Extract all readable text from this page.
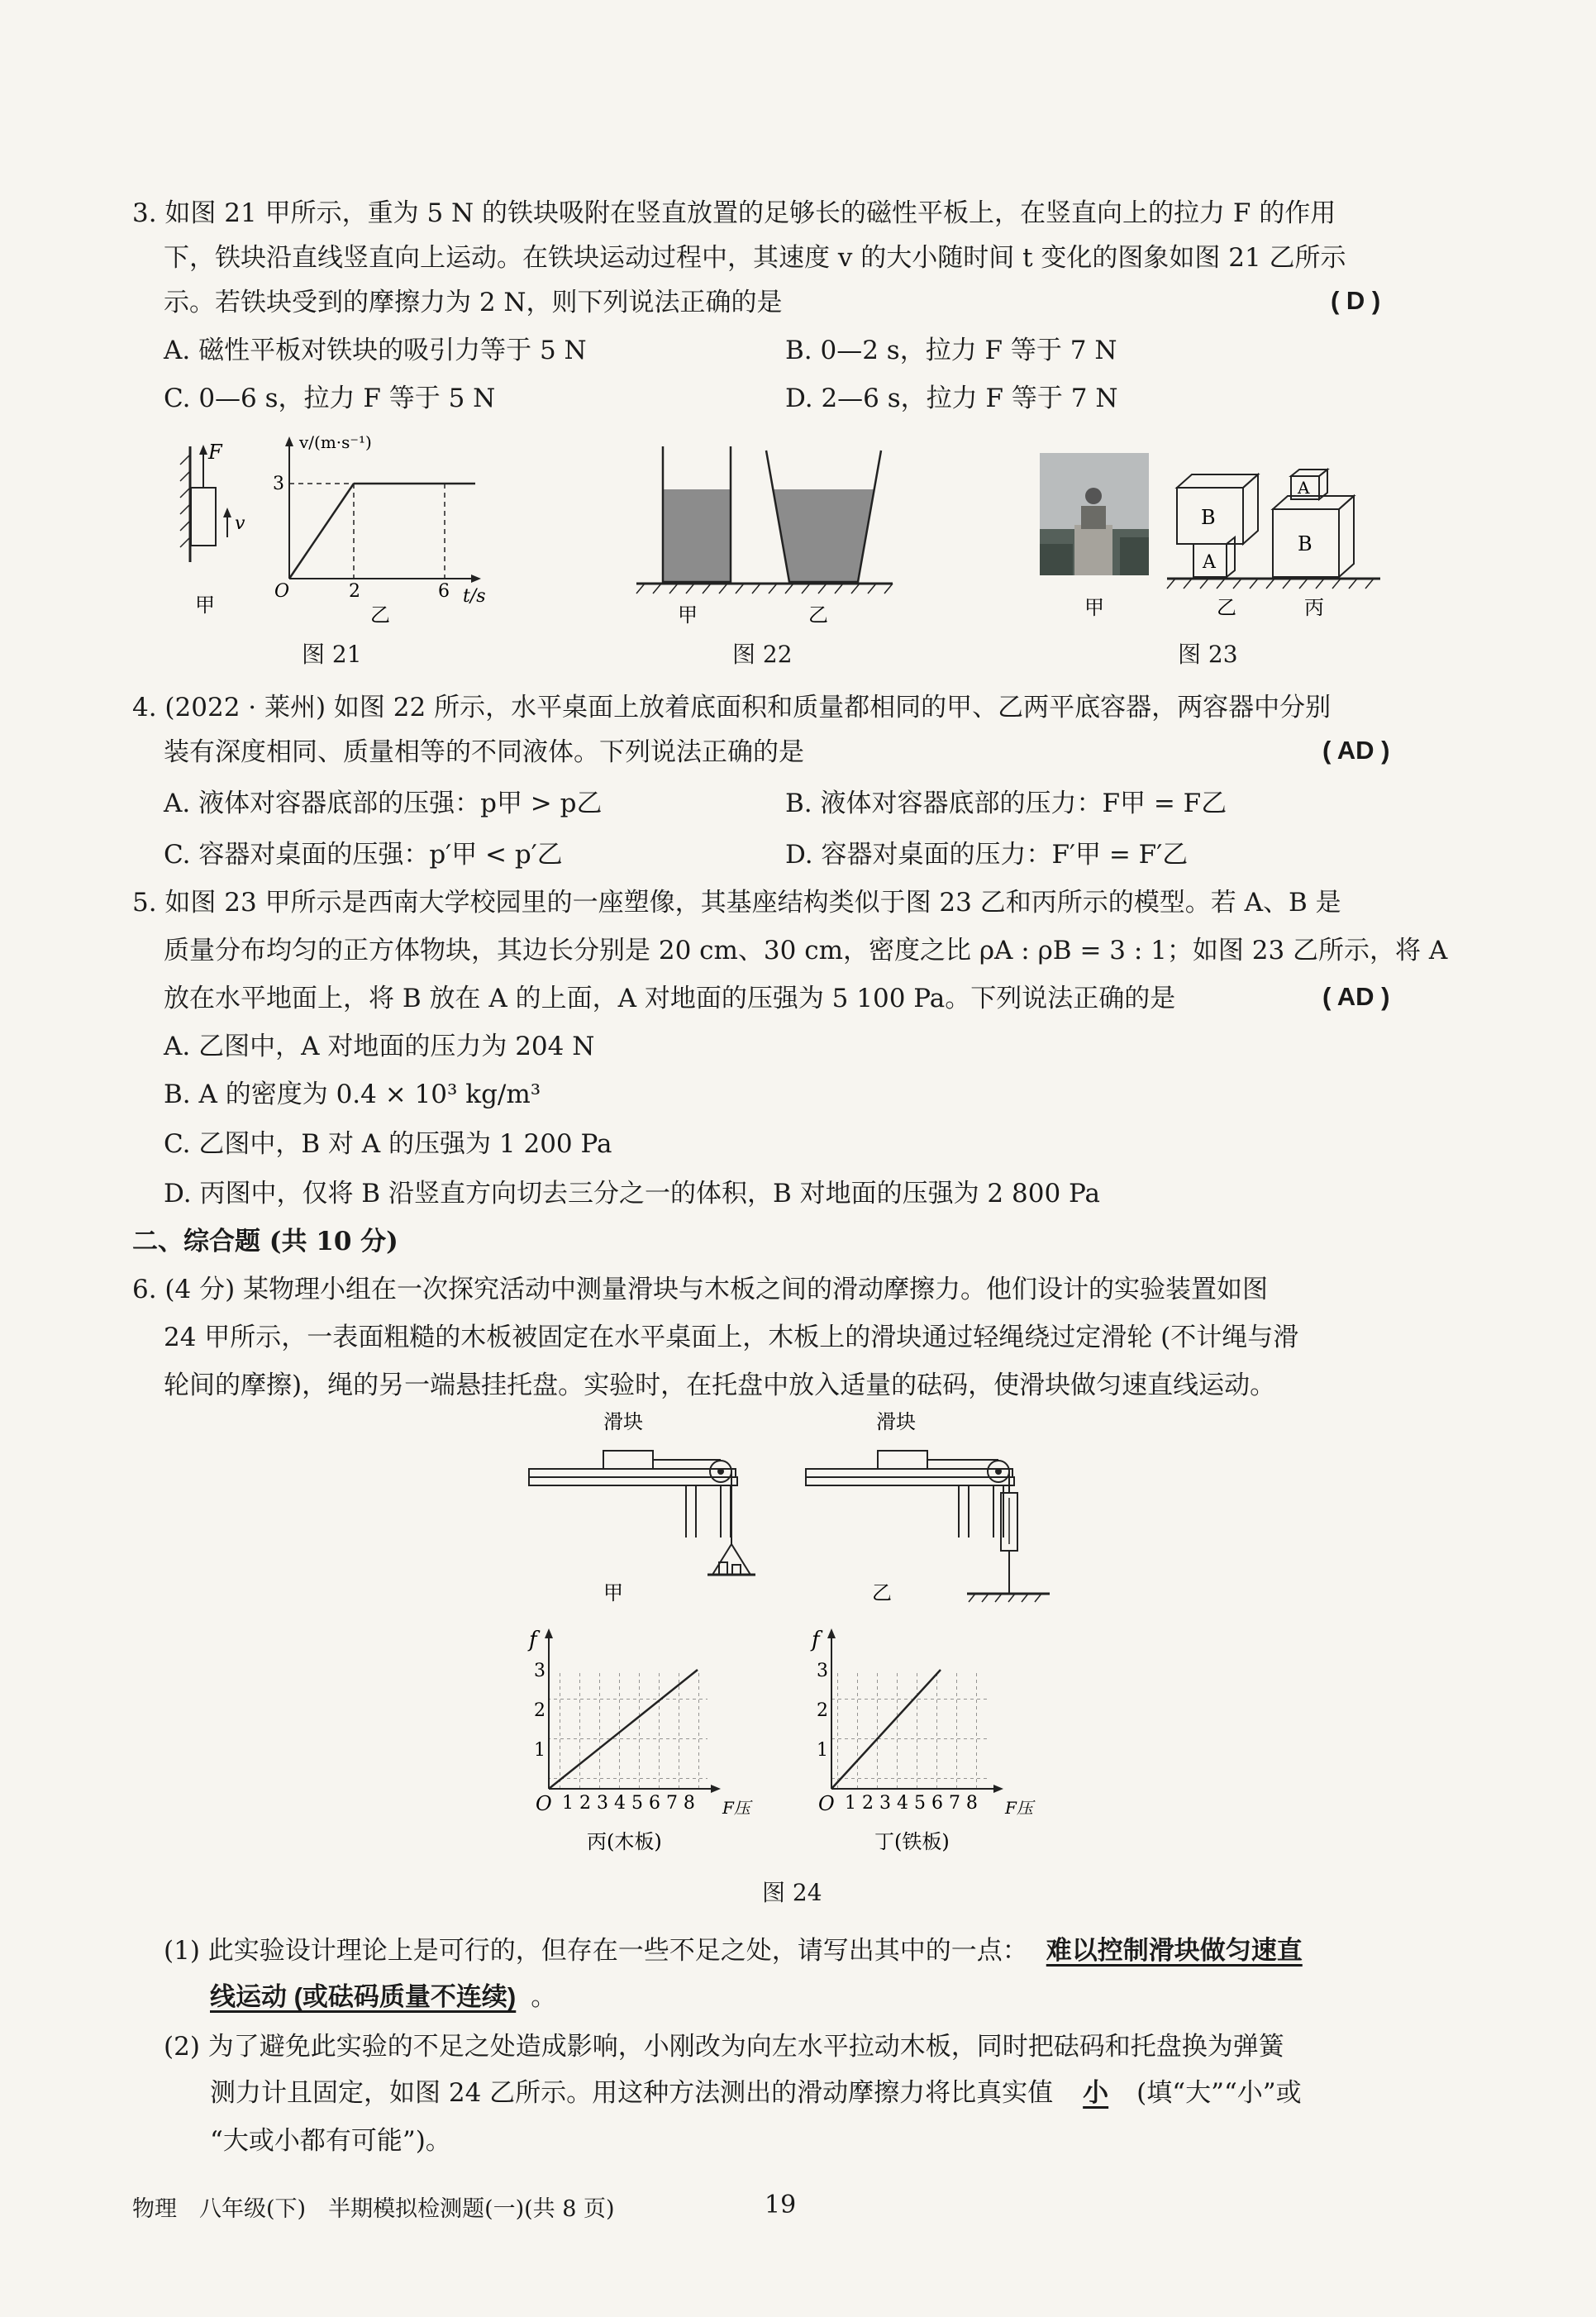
3. 如图 21 甲所示，重为 5 N 的铁块吸附在竖直放置的足够长的磁性平板上，在竖直向上的拉力 F 的作用
下，铁块沿直线竖直向上运动。在铁块运动过程中，其速度 v 的大小随时间 t 变化的图象如图 21 乙所示
示。若铁块受到的摩擦力为 2 N，则下列说法正确的是	( D )
A. 磁性平板对铁块的吸引力等于 5 N	B. 0—2 s，拉力 F 等于 7 N
C. 0—6 s，拉力 F 等于 5 N	D. 2—6 s，拉力 F 等于 7 N
F
v
甲
v/(m·s⁻¹)
3
O	2	6 t/s
乙
图 21
甲	乙
图 22
A
B
B
A
甲	乙	丙
图 23
4. (2022 · 莱州) 如图 22 所示，水平桌面上放着底面积和质量都相同的甲、乙两平底容器，两容器中分别
装有深度相同、质量相等的不同液体。下列说法正确的是	( AD )
A. 液体对容器底部的压强：p甲 > p乙	B. 液体对容器底部的压力：F甲 = F乙
C. 容器对桌面的压强：p′甲 < p′乙	D. 容器对桌面的压力：F′甲 = F′乙
5. 如图 23 甲所示是西南大学校园里的一座塑像，其基座结构类似于图 23 乙和丙所示的模型。若 A、B 是
质量分布均匀的正方体物块，其边长分别是 20 cm、30 cm，密度之比 ρA : ρB = 3 : 1；如图 23 乙所示，将 A
放在水平地面上，将 B 放在 A 的上面，A 对地面的压强为 5 100 Pa。下列说法正确的是	( AD )
A. 乙图中，A 对地面的压力为 204 N
B. A 的密度为 0.4 × 10³ kg/m³
C. 乙图中，B 对 A 的压强为 1 200 Pa
D. 丙图中，仅将 B 沿竖直方向切去三分之一的体积，B 对地面的压强为 2 800 Pa
二、综合题 (共 10 分)
6. (4 分) 某物理小组在一次探究活动中测量滑块与木板之间的滑动摩擦力。他们设计的实验装置如图
24 甲所示，一表面粗糙的木板被固定在水平桌面上，木板上的滑块通过轻绳绕过定滑轮 (不计绳与滑
轮间的摩擦)，绳的另一端悬挂托盘。实验时，在托盘中放入适量的砝码，使滑块做匀速直线运动。
滑块
甲
滑块
乙
f
3
2
1
O 1 2 3 4 5 6 7 8 F压
丙(木板)
f
3
2
1
O 1 2 3 4 5 6 7 8 F压
丁(铁板)
图 24
(1) 此实验设计理论上是可行的，但存在一些不足之处，请写出其中的一点： 难以控制滑块做匀速直
线运动 (或砝码质量不连续) 。
(2) 为了避免此实验的不足之处造成影响，小刚改为向左水平拉动木板，同时把砝码和托盘换为弹簧
测力计且固定，如图 24 乙所示。用这种方法测出的滑动摩擦力将比真实值 小 (填“大”“小”或
“大或小都有可能”)。
物理　八年级(下)　半期模拟检测题(一)(共 8 页)	19
